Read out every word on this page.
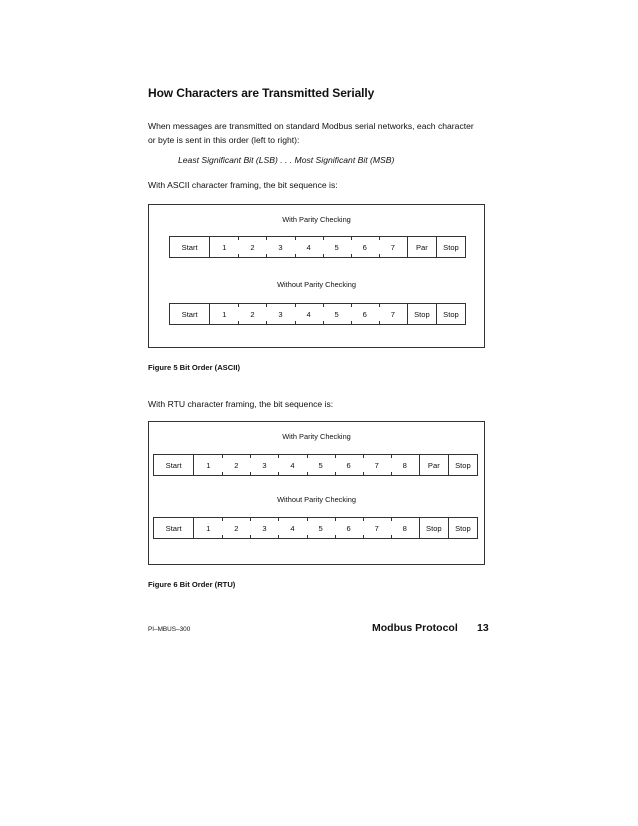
How Characters are Transmitted Serially
When messages are transmitted on standard Modbus serial networks, each character or byte is sent in this order (left to right):
Least Significant Bit (LSB) . . . Most Significant Bit (MSB)
With ASCII character framing, the bit sequence is:
With Parity Checking
Start	1	2	3	4	5	6	7	Par	Stop
Without Parity Checking
Start	1	2	3	4	5	6	7	Stop	Stop
Figure 5 Bit Order (ASCII)
With RTU character framing, the bit sequence is:
With Parity Checking
Start	1	2	3	4	5	6	7	8	Par	Stop
Without Parity Checking
Start	1	2	3	4	5	6	7	8	Stop	Stop
Figure 6 Bit Order (RTU)
PI–MBUS–300	Modbus Protocol 13
